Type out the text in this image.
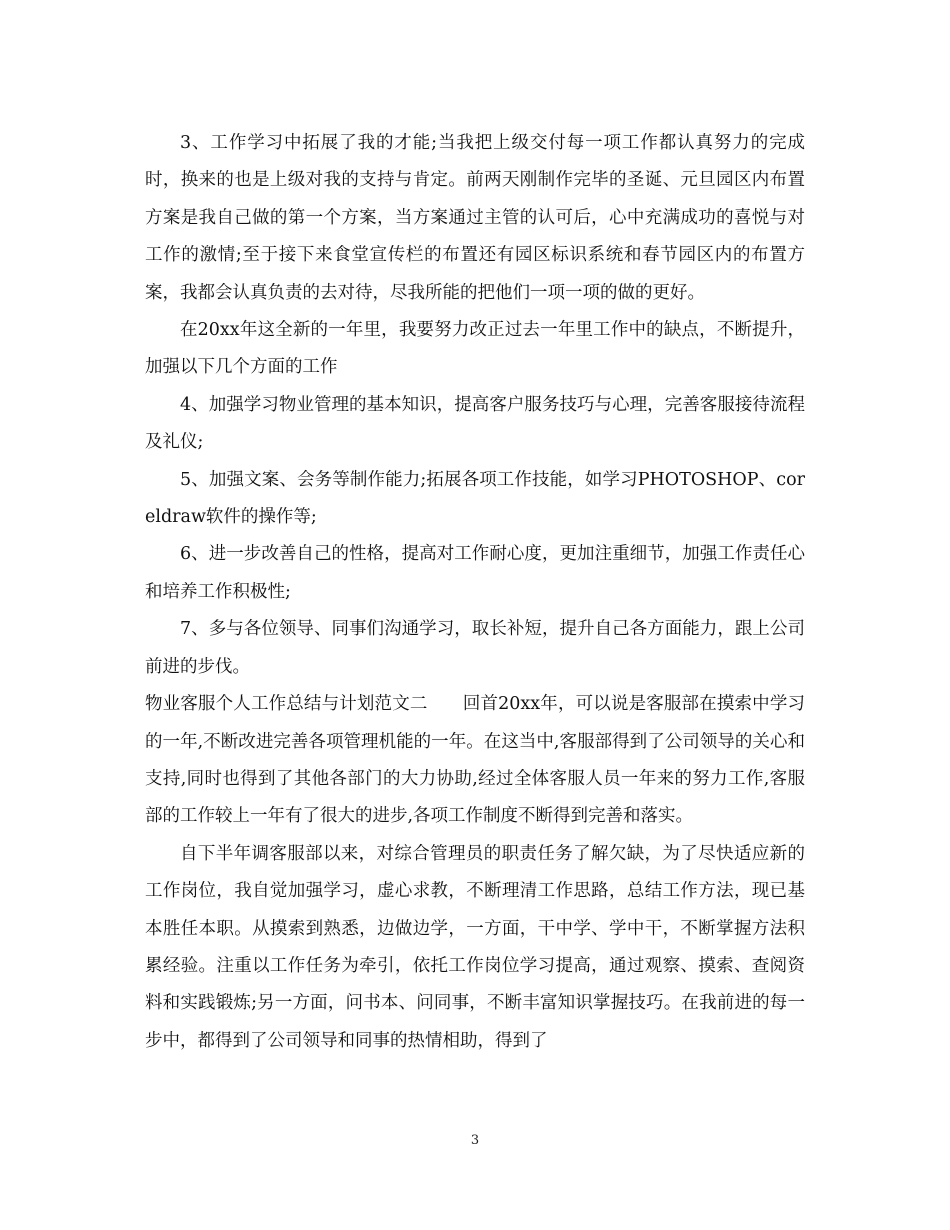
3、工作学习中拓展了我的才能;当我把上级交付每一项工作都认真努力的完成时，换来的也是上级对我的支持与肯定。前两天刚制作完毕的圣诞、元旦园区内布置方案是我自己做的第一个方案，当方案通过主管的认可后，心中充满成功的喜悦与对工作的激情;至于接下来食堂宣传栏的布置还有园区标识系统和春节园区内的布置方案，我都会认真负责的去对待，尽我所能的把他们一项一项的做的更好。

在20xx年这全新的一年里，我要努力改正过去一年里工作中的缺点，不断提升，加强以下几个方面的工作

4、加强学习物业管理的基本知识，提高客户服务技巧与心理，完善客服接待流程及礼仪;

5、加强文案、会务等制作能力;拓展各项工作技能，如学习PHOTOSHOP、coreldraw软件的操作等;

6、进一步改善自己的性格，提高对工作耐心度，更加注重细节，加强工作责任心和培养工作积极性;

7、多与各位领导、同事们沟通学习，取长补短，提升自己各方面能力，跟上公司前进的步伐。

物业客服个人工作总结与计划范文二　　回首20xx年，可以说是客服部在摸索中学习的一年,不断改进完善各项管理机能的一年。在这当中,客服部得到了公司领导的关心和支持,同时也得到了其他各部门的大力协助,经过全体客服人员一年来的努力工作,客服部的工作较上一年有了很大的进步,各项工作制度不断得到完善和落实。

自下半年调客服部以来，对综合管理员的职责任务了解欠缺，为了尽快适应新的工作岗位，我自觉加强学习，虚心求教，不断理清工作思路，总结工作方法，现已基本胜任本职。从摸索到熟悉，边做边学，一方面，干中学、学中干，不断掌握方法积累经验。注重以工作任务为牵引，依托工作岗位学习提高，通过观察、摸索、查阅资料和实践锻炼;另一方面，问书本、问同事，不断丰富知识掌握技巧。在我前进的每一步中，都得到了公司领导和同事的热情相助，得到了

3
